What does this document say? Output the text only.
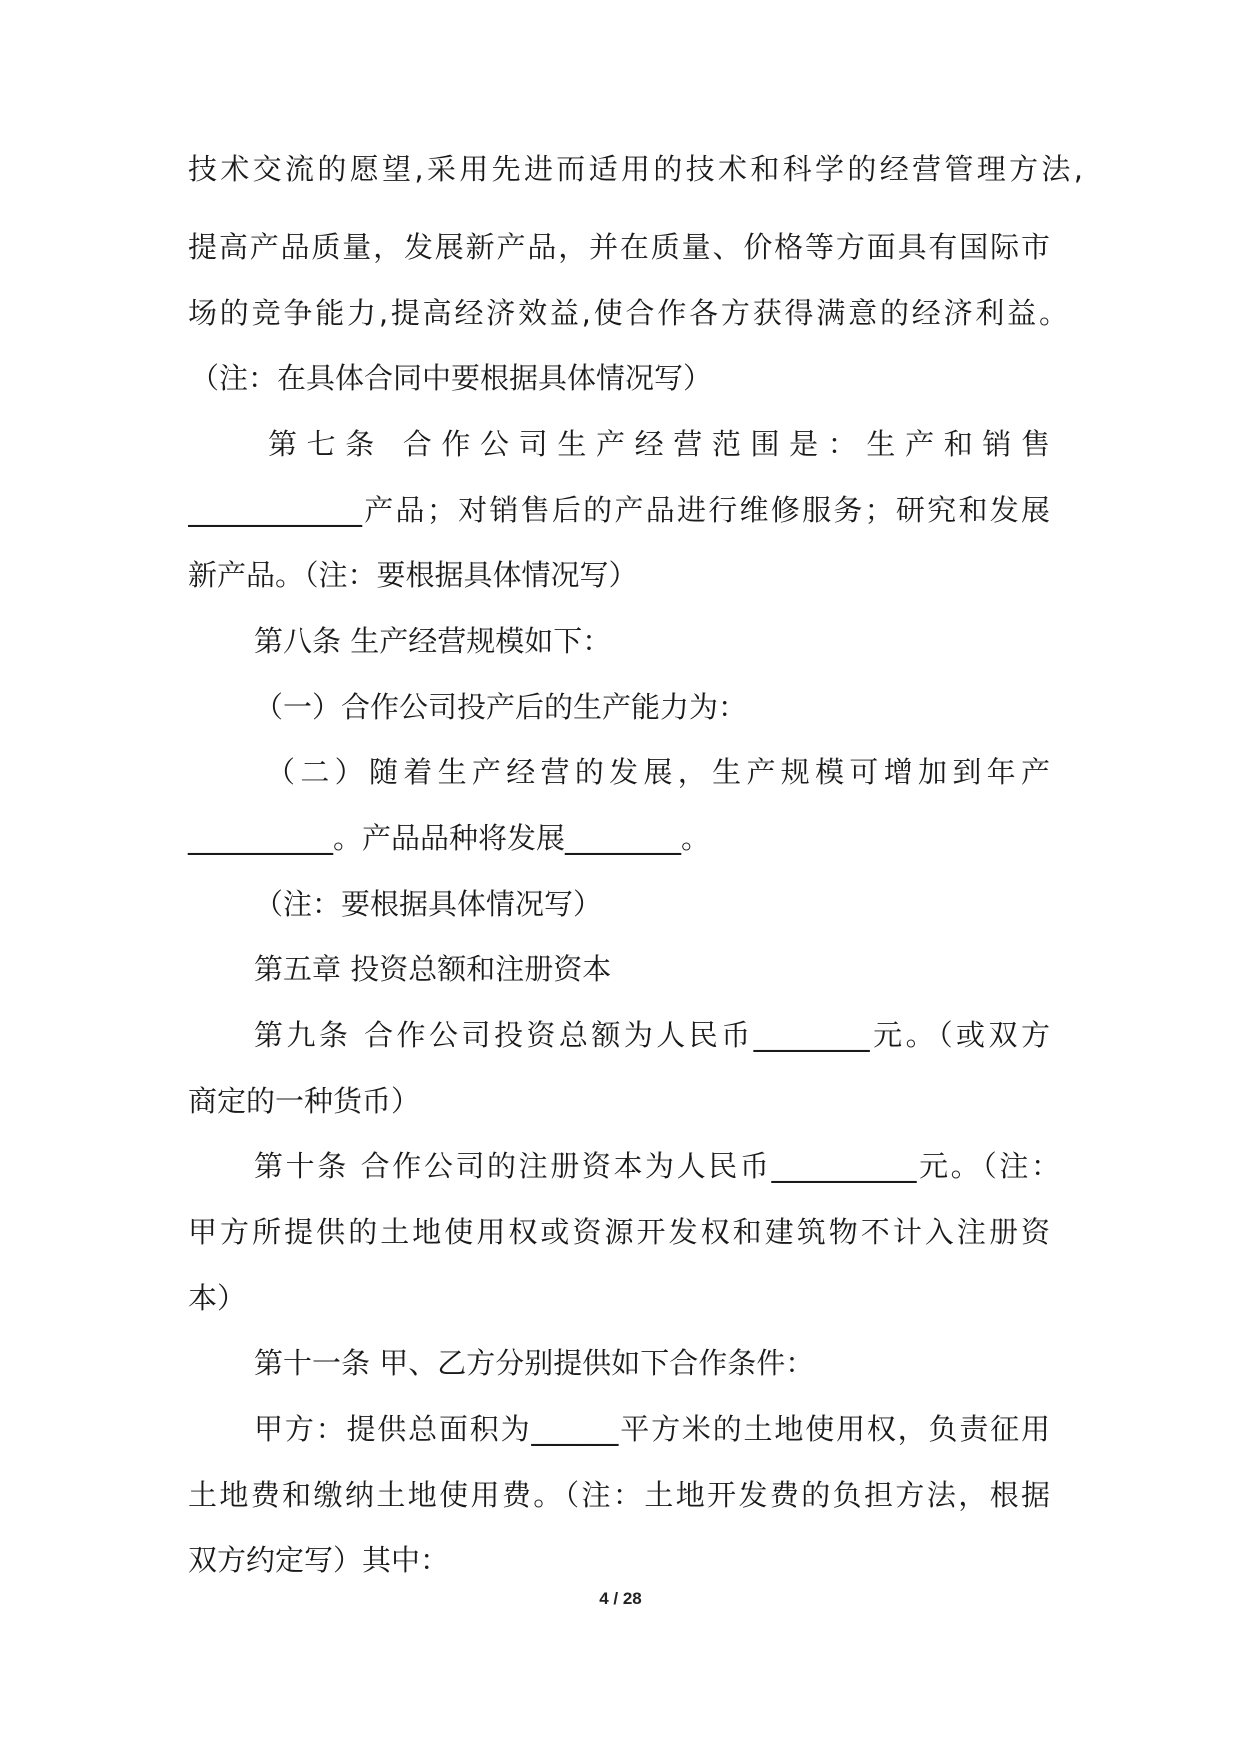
技术交流的愿望,采用先进而适用的技术和科学的经营管理方法,
提高产品质量，发展新产品，并在质量、价格等方面具有国际市
场的竞争能力,提高经济效益,使合作各方获得满意的经济利益。
（注：在具体合同中要根据具体情况写）
第七条 合作公司生产经营范围是：生产和销售
____________产品；对销售后的产品进行维修服务；研究和发展
新产品。（注：要根据具体情况写）
第八条 生产经营规模如下：
（一）合作公司投产后的生产能力为：
（二）随着生产经营的发展，生产规模可增加到年产
__________。产品品种将发展________。
（注：要根据具体情况写）
第五章 投资总额和注册资本
第九条 合作公司投资总额为人民币________元。（或双方
商定的一种货币）
第十条 合作公司的注册资本为人民币__________元。（注：
甲方所提供的土地使用权或资源开发权和建筑物不计入注册资
本）
第十一条 甲、乙方分别提供如下合作条件：
甲方：提供总面积为______平方米的土地使用权，负责征用
土地费和缴纳土地使用费。（注：土地开发费的负担方法，根据
双方约定写）其中：
4 / 28
